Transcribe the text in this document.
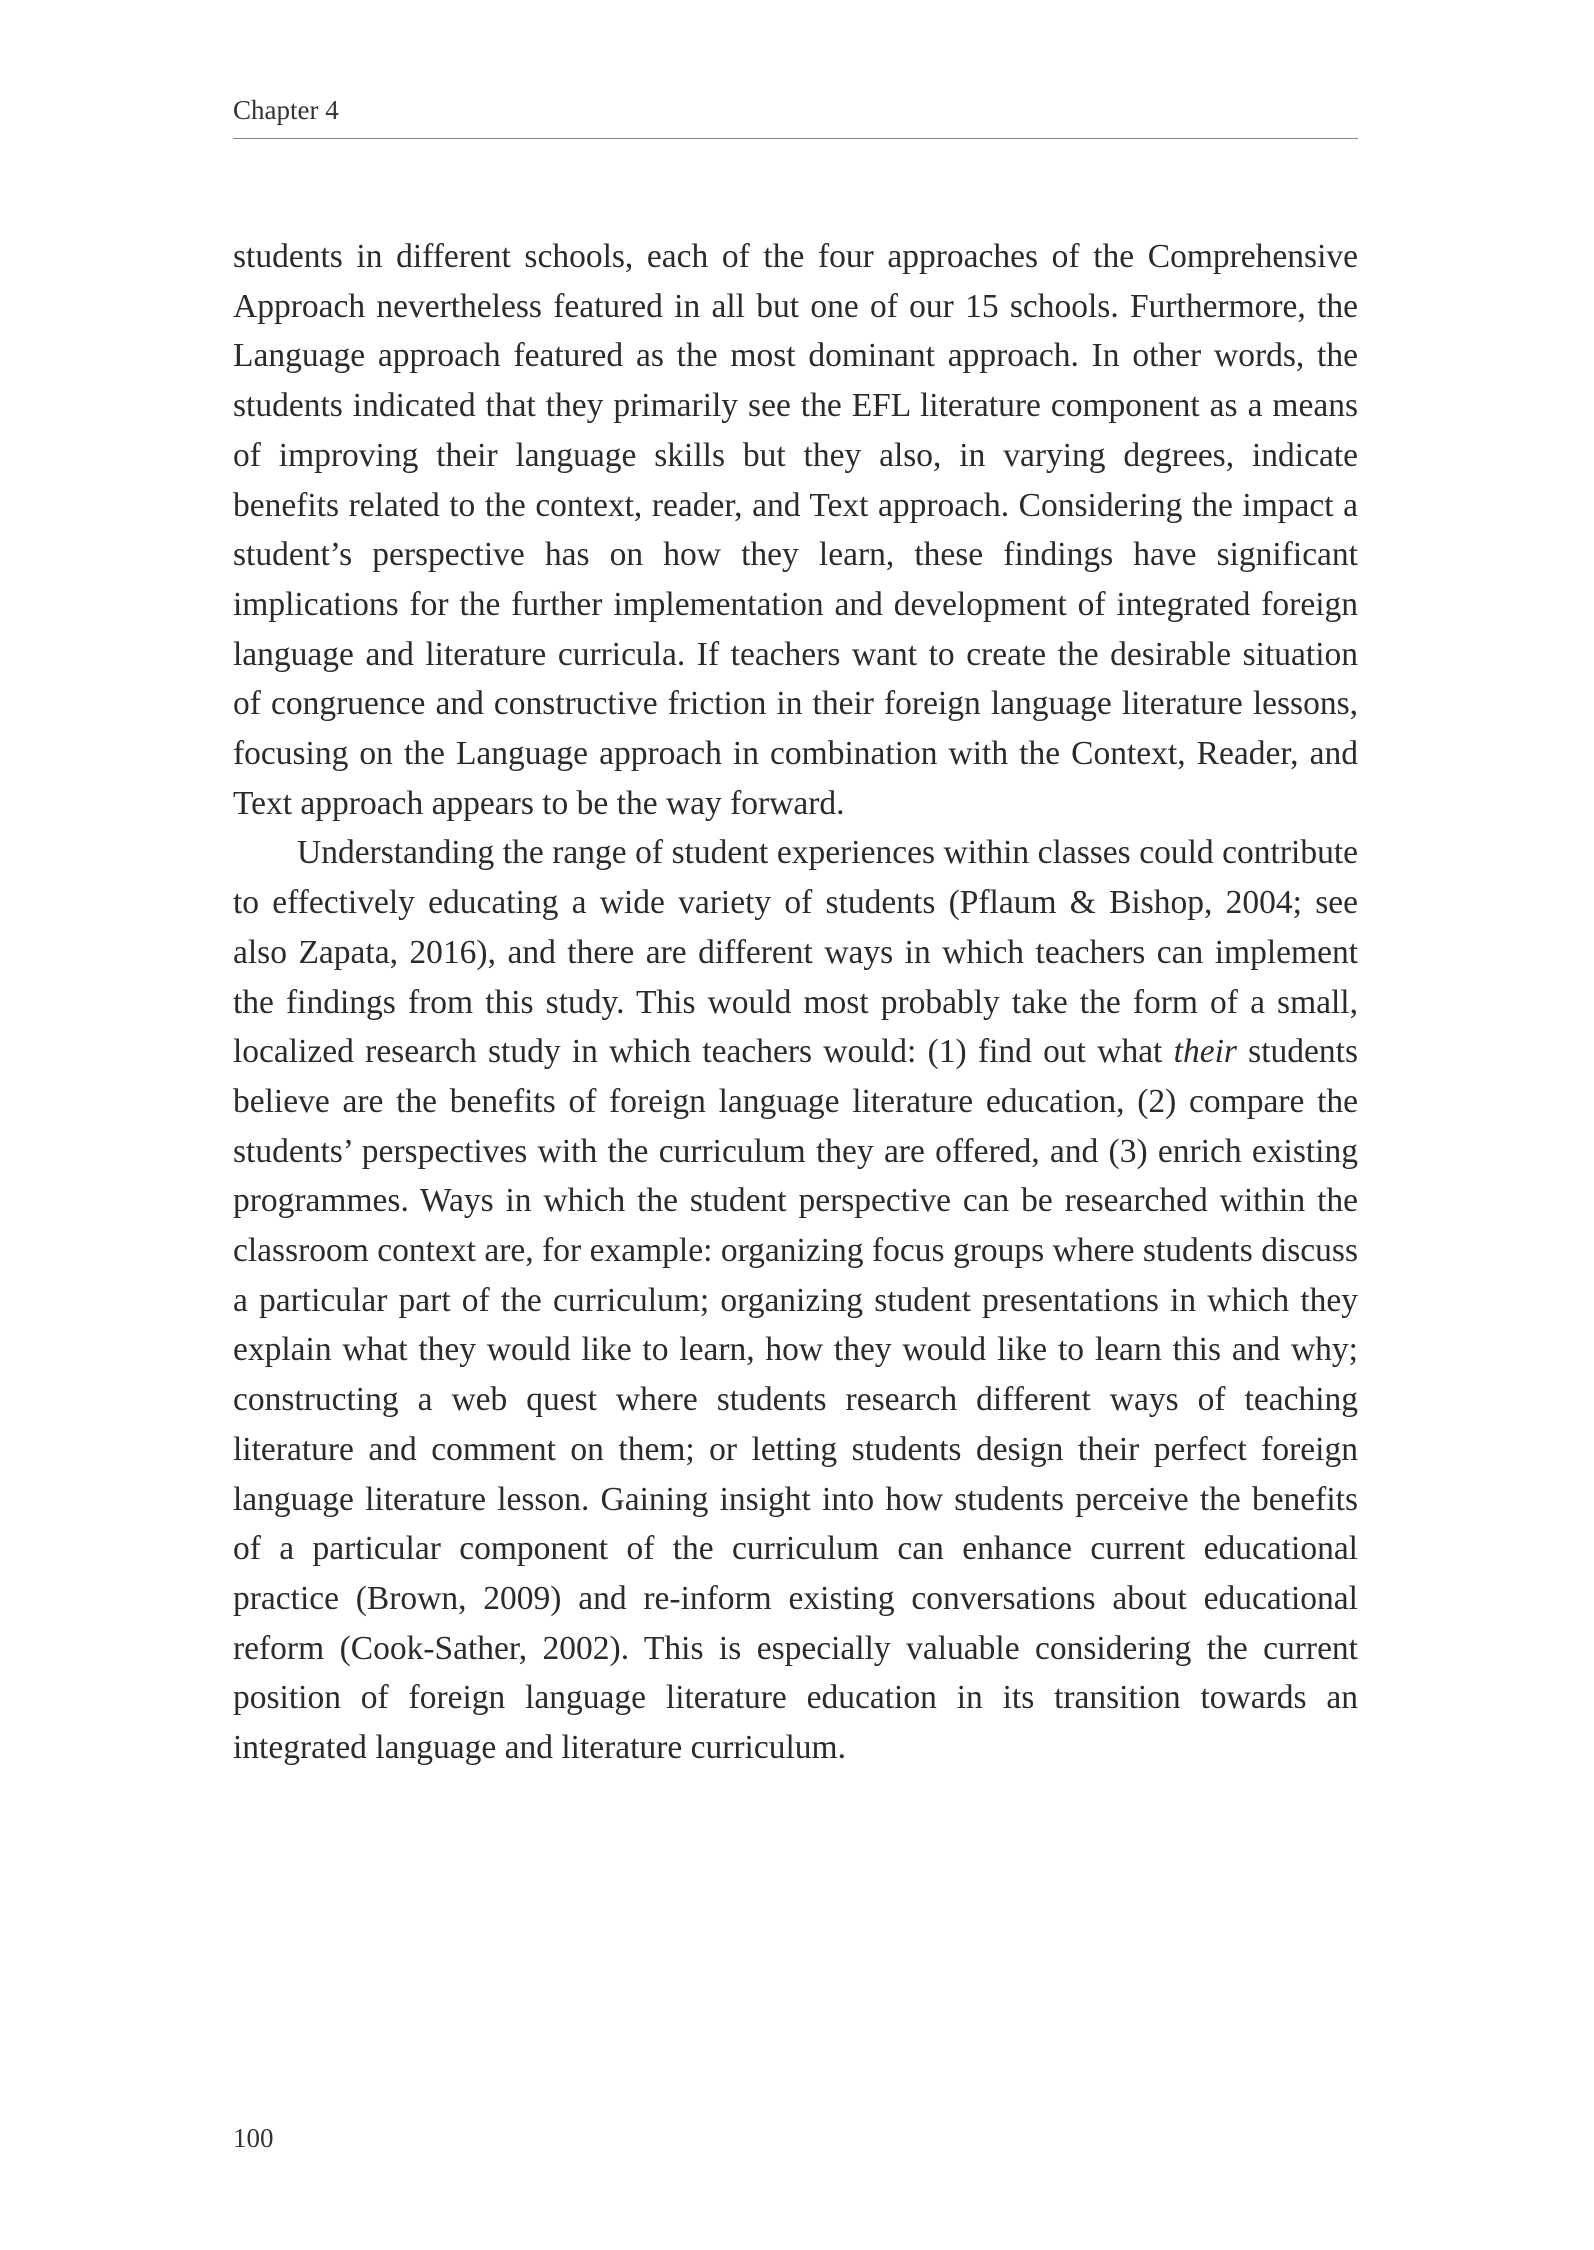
Chapter 4

students in different schools, each of the four approaches of the Comprehensive Approach nevertheless featured in all but one of our 15 schools. Furthermore, the Language approach featured as the most dominant approach. In other words, the students indicated that they primarily see the EFL literature component as a means of improving their language skills but they also, in varying degrees, indicate benefits related to the context, reader, and Text approach. Considering the impact a student’s perspective has on how they learn, these findings have significant implications for the further implementation and development of integrated foreign language and literature curricula. If teachers want to create the desirable situation of congruence and constructive friction in their foreign language literature lessons, focusing on the Language approach in combination with the Context, Reader, and Text approach appears to be the way forward.

Understanding the range of student experiences within classes could contribute to effectively educating a wide variety of students (Pflaum & Bishop, 2004; see also Zapata, 2016), and there are different ways in which teachers can implement the findings from this study. This would most probably take the form of a small, localized research study in which teachers would: (1) find out what their students believe are the benefits of foreign language literature education, (2) compare the students’ perspectives with the curriculum they are offered, and (3) enrich existing programmes. Ways in which the student perspective can be researched within the classroom context are, for example: organizing focus groups where students discuss a particular part of the curriculum; organizing student presentations in which they explain what they would like to learn, how they would like to learn this and why; constructing a web quest where students research different ways of teaching literature and comment on them; or letting students design their perfect foreign language literature lesson. Gaining insight into how students perceive the benefits of a particular component of the curriculum can enhance current educational practice (Brown, 2009) and re-inform existing conversations about educational reform (Cook-Sather, 2002). This is especially valuable considering the current position of foreign language literature education in its transition towards an integrated language and literature curriculum.

100
